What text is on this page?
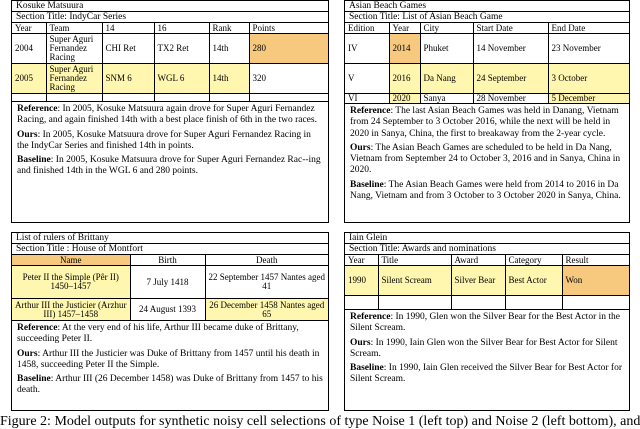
Kosuke Matsuura
Section Title: IndyCar Series
Year	Team	14	16	Rank	Points
2004	Super Aguri Fernandez Racing	CHI Ret	TX2 Ret	14th	280
2005	Super Aguri Fernandez Racing	SNM 6	WGL 6	14th	320

Reference: In 2005, Kosuke Matsuura again drove for Super Aguri Fernandez Racing, and again finished 14th with a best place finish of 6th in the two races.

Ours: In 2005, Kosuke Matsuura drove for Super Aguri Fernandez Racing in the IndyCar Series and finished 14th in points.

Baseline: In 2005, Kosuke Matsuura drove for Super Aguri Fernandez Rac--ing and finished 14th in the WGL 6 and 280 points.

Asian Beach Games
Section Title: List of Asian Beach Game
Edition	Year	City	Start Date	End Date
IV	2014	Phuket	14 November	23 November
V	2016	Da Nang	24 September	3 October
VI	2020	Sanya	28 November	5 December

Reference: The last Asian Beach Games was held in Danang, Vietnam from 24 September to 3 October 2016, while the next will be held in 2020 in Sanya, China, the first to breakaway from the 2-year cycle.

Ours: The Asian Beach Games are scheduled to be held in Da Nang, Vietnam from September 24 to October 3, 2016 and in Sanya, China in 2020.

Baseline: The Asian Beach Games were held from 2014 to 2016 in Da Nang, Vietnam and from 3 October to 3 October 2020 in Sanya, China.

List of rulers of Brittany
Section Title : House of Montfort
Name	Birth	Death
Peter II the Simple (Pêr II) 1450–1457	7 July 1418	22 September 1457 Nantes aged 41
Arthur III the Justicier (Arzhur III) 1457–1458	24 August 1393	26 December 1458 Nantes aged 65

Reference: At the very end of his life, Arthur III became duke of Brittany, succeeding Peter II.

Ours: Arthur III the Justicier was Duke of Brittany from 1457 until his death in 1458, succeeding Peter II the Simple.

Baseline: Arthur III (26 December 1458) was Duke of Brittany from 1457 to his death.

Iain Glein
Section Title: Awards and nominations
Year	Title	Award	Category	Result
1990	Silent Scream	Silver Bear	Best Actor	Won

Reference: In 1990, Glen won the Silver Bear for the Best Actor in the Silent Scream.

Ours: In 1990, Iain Glen won the Silver Bear for Best Actor for Silent Scream.

Baseline: In 1990, Iain Glen received the Silver Bear for Best Actor for Silent Scream.

Figure 2: Model outputs for synthetic noisy cell selections of type Noise 1 (left top) and Noise 2 (left bottom), and
